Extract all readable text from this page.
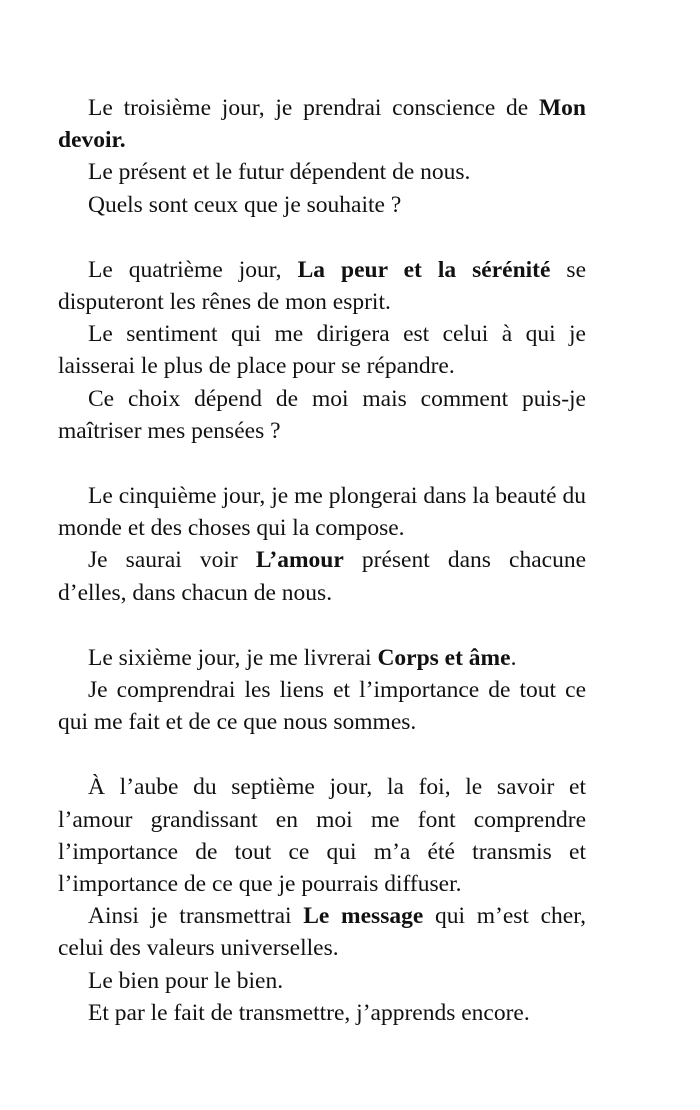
Le troisième jour, je prendrai conscience de Mon devoir.

Le présent et le futur dépendent de nous.

Quels sont ceux que je souhaite ?

Le quatrième jour, La peur et la sérénité se disputeront les rênes de mon esprit.

Le sentiment qui me dirigera est celui à qui je laisserai le plus de place pour se répandre.

Ce choix dépend de moi mais comment puis-je maîtriser mes pensées ?

Le cinquième jour, je me plongerai dans la beauté du monde et des choses qui la compose.

Je saurai voir L’amour présent dans chacune d’elles, dans chacun de nous.

Le sixième jour, je me livrerai Corps et âme.

Je comprendrai les liens et l’importance de tout ce qui me fait et de ce que nous sommes.

À l’aube du septième jour, la foi, le savoir et l’amour grandissant en moi me font comprendre l’importance de tout ce qui m’a été transmis et l’importance de ce que je pourrais diffuser.

Ainsi je transmettrai Le message qui m’est cher, celui des valeurs universelles.

Le bien pour le bien.

Et par le fait de transmettre, j’apprends encore.
